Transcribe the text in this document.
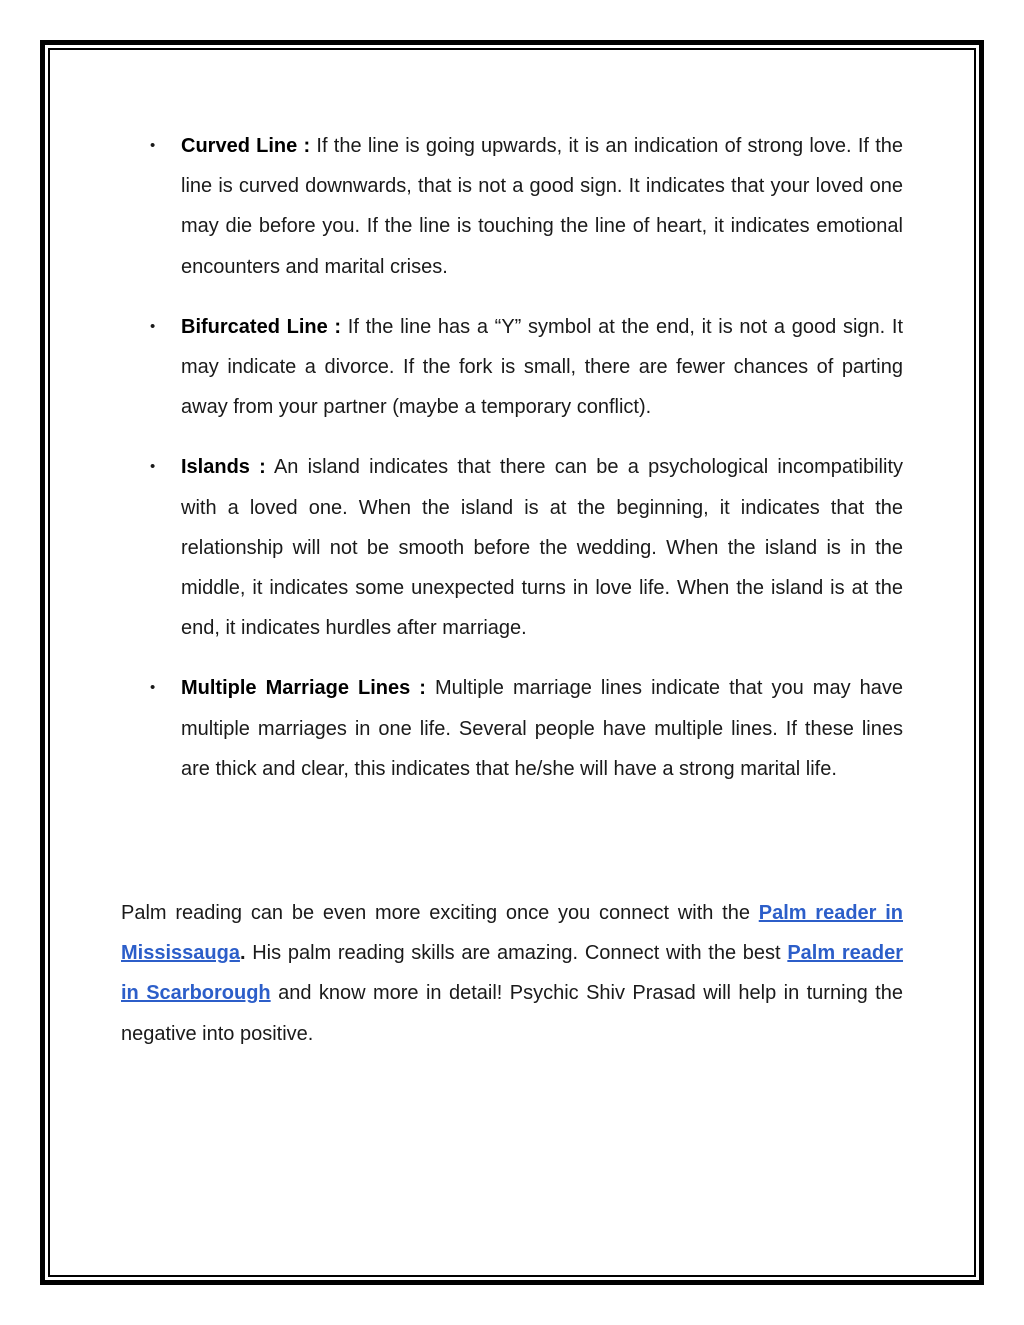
• Curved Line : If the line is going upwards, it is an indication of strong love. If the line is curved downwards, that is not a good sign. It indicates that your loved one may die before you. If the line is touching the line of heart, it indicates emotional encounters and marital crises.
• Bifurcated Line : If the line has a “Y” symbol at the end, it is not a good sign. It may indicate a divorce. If the fork is small, there are fewer chances of parting away from your partner (maybe a temporary conflict).
• Islands : An island indicates that there can be a psychological incompatibility with a loved one. When the island is at the beginning, it indicates that the relationship will not be smooth before the wedding. When the island is in the middle, it indicates some unexpected turns in love life. When the island is at the end, it indicates hurdles after marriage.
• Multiple Marriage Lines : Multiple marriage lines indicate that you may have multiple marriages in one life. Several people have multiple lines. If these lines are thick and clear, this indicates that he/she will have a strong marital life.

Palm reading can be even more exciting once you connect with the Palm reader in Mississauga. His palm reading skills are amazing. Connect with the best Palm reader in Scarborough and know more in detail! Psychic Shiv Prasad will help in turning the negative into positive.
